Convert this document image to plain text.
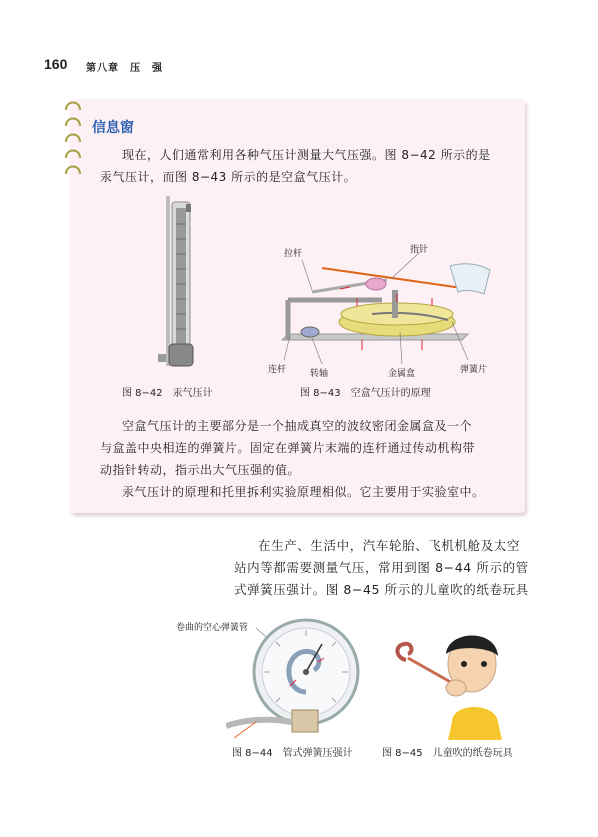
160 第八章　压　强
信息窗
现在，人们通常利用各种气压计测量大气压强。图 8−42 所示的是
汞气压计，而图 8−43 所示的是空盒气压计。
图 8−42　汞气压计
拉杆	指针
连杆	转轴	金属盒	弹簧片
图 8−43　空盒气压计的原理
空盒气压计的主要部分是一个抽成真空的波纹密闭金属盒及一个
与盒盖中央相连的弹簧片。固定在弹簧片末端的连杆通过传动机构带
动指针转动，指示出大气压强的值。
汞气压计的原理和托里拆利实验原理相似。它主要用于实验室中。
在生产、生活中，汽车轮胎、飞机机舱及太空
站内等都需要测量气压，常用到图 8−44 所示的管
式弹簧压强计。图 8−45 所示的儿童吹的纸卷玩具
卷曲的空心弹簧管
图 8−44　管式弹簧压强计	图 8−45　儿童吹的纸卷玩具
